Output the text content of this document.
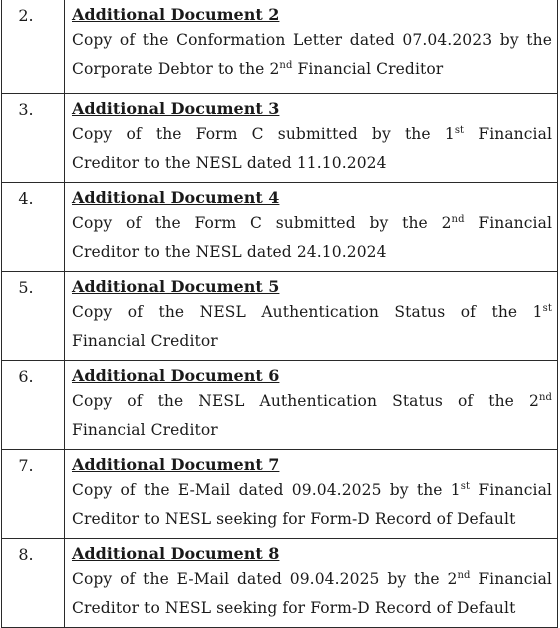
2.	Additional Document 2
Copy of the Conformation Letter dated 07.04.2023 by the
Corporate Debtor to the 2nd Financial Creditor

3.	Additional Document 3
Copy of the Form C submitted by the 1st Financial
Creditor to the NESL dated 11.10.2024

4.	Additional Document 4
Copy of the Form C submitted by the 2nd Financial
Creditor to the NESL dated 24.10.2024

5.	Additional Document 5
Copy of the NESL Authentication Status of the 1st
Financial Creditor

6.	Additional Document 6
Copy of the NESL Authentication Status of the 2nd
Financial Creditor

7.	Additional Document 7
Copy of the E-Mail dated 09.04.2025 by the 1st Financial
Creditor to NESL seeking for Form-D Record of Default

8.	Additional Document 8
Copy of the E-Mail dated 09.04.2025 by the 2nd Financial
Creditor to NESL seeking for Form-D Record of Default
